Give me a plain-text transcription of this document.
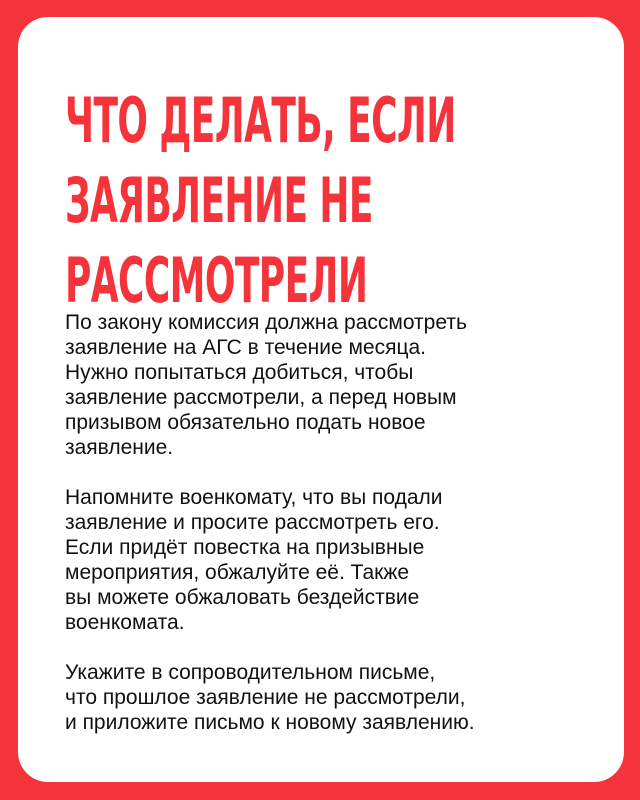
ЧТО ДЕЛАТЬ, ЕСЛИ
ЗАЯВЛЕНИЕ НЕ
РАССМОТРЕЛИ

По закону комиссия должна рассмотреть
заявление на АГС в течение месяца.
Нужно попытаться добиться, чтобы
заявление рассмотрели, а перед новым
призывом обязательно подать новое
заявление.

Напомните военкомату, что вы подали
заявление и просите рассмотреть его.
Если придёт повестка на призывные
мероприятия, обжалуйте её. Также
вы можете обжаловать бездействие
военкомата.

Укажите в сопроводительном письме,
что прошлое заявление не рассмотрели,
и приложите письмо к новому заявлению.
